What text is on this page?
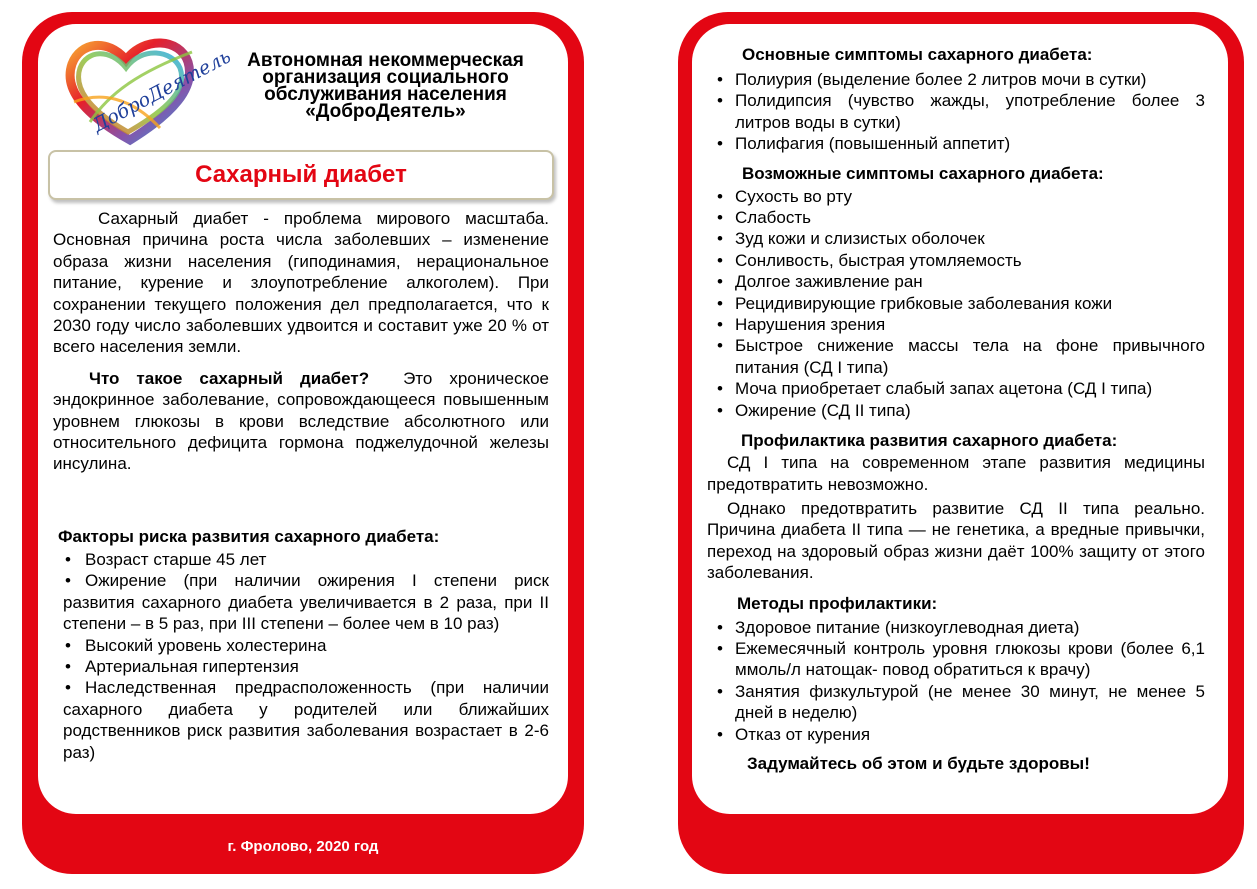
ДоброДеятель Автономная некоммерческая
организация социального
обслуживания населения
«ДоброДеятель»
Сахарный диабет

Сахарный диабет - проблема мирового масштаба. Основная причина роста числа заболевших – изменение образа жизни населения (гиподинамия, нерациональное питание, курение и злоупотребление алкоголем). При сохранении текущего положения дел предполагается, что к 2030 году число заболевших удвоится и составит уже 20 % от всего населения земли.

Что такое сахарный диабет? Это хроническое эндокринное заболевание, сопровождающееся повышенным уровнем глюкозы в крови вследствие абсолютного или относительного дефицита гормона поджелудочной железы инсулина.

Факторы риска развития сахарного диабета:
• Возраст старше 45 лет
• Ожирение (при наличии ожирения I степени риск развития сахарного диабета увеличивается в 2 раза, при II степени – в 5 раз, при III степени – более чем в 10 раз)
• Высокий уровень холестерина
• Артериальная гипертензия
• Наследственная предрасположенность (при наличии сахарного диабета у родителей или ближайших родственников риск развития заболевания возрастает в 2-6 раз)
г. Фролово, 2020 год
Основные симптомы сахарного диабета:
• Полиурия (выделение более 2 литров мочи в сутки)
• Полидипсия (чувство жажды, употребление более 3 литров воды в сутки)
• Полифагия (повышенный аппетит)
Возможные симптомы сахарного диабета:
• Сухость во рту
• Слабость
• Зуд кожи и слизистых оболочек
• Сонливость, быстрая утомляемость
• Долгое заживление ран
• Рецидивирующие грибковые заболевания кожи
• Нарушения зрения
• Быстрое снижение массы тела на фоне привычного питания (СД I типа)
• Моча приобретает слабый запах ацетона (СД I типа)
• Ожирение (СД II типа)
Профилактика развития сахарного диабета:

СД I типа на современном этапе развития медицины предотвратить невозможно.

Однако предотвратить развитие СД II типа реально. Причина диабета II типа — не генетика, а вредные привычки, переход на здоровый образ жизни даёт 100% защиту от этого заболевания.

Методы профилактики:
• Здоровое питание (низкоуглеводная диета)
• Ежемесячный контроль уровня глюкозы крови (более 6,1 ммоль/л натощак- повод обратиться к врачу)
• Занятия физкультурой (не менее 30 минут, не менее 5 дней в неделю)
• Отказ от курения
Задумайтесь об этом и будьте здоровы!
